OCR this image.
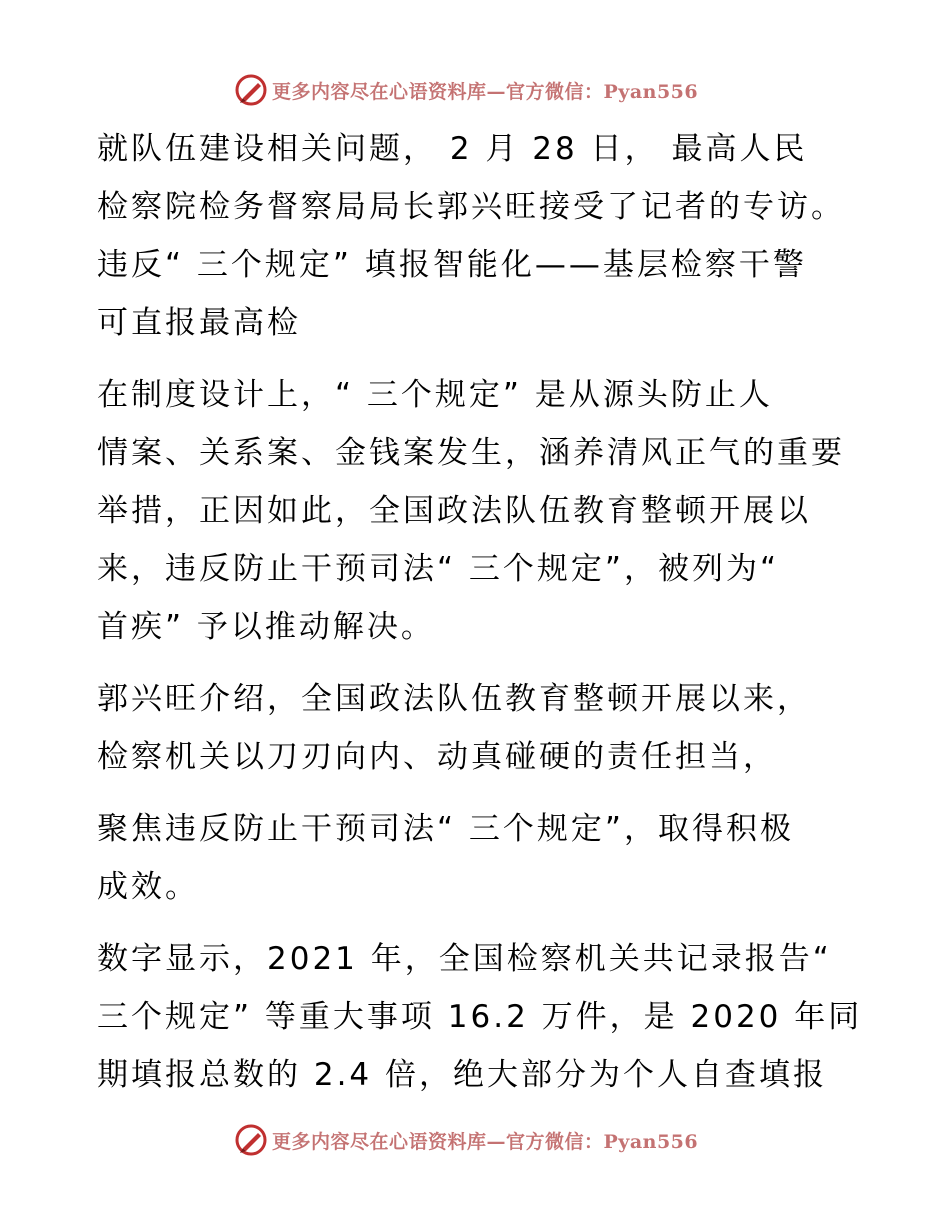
更多内容尽在心语资料库—官方微信：Pyan556
就队伍建设相关问题， 2 月 28 日， 最高人民
检察院检务督察局局长郭兴旺接受了记者的专访。
违反“ 三个规定” 填报智能化——基层检察干警
可直报最高检
在制度设计上，“ 三个规定” 是从源头防止人
情案、关系案、金钱案发生，涵养清风正气的重要
举措，正因如此，全国政法队伍教育整顿开展以
来，违反防止干预司法“ 三个规定”，被列为“
首疾” 予以推动解决。
郭兴旺介绍，全国政法队伍教育整顿开展以来，
检察机关以刀刃向内、动真碰硬的责任担当，
聚焦违反防止干预司法“ 三个规定”，取得积极
成效。
数字显示，2021 年，全国检察机关共记录报告“
三个规定” 等重大事项 16.2 万件，是 2020 年同
期填报总数的 2.4 倍，绝大部分为个人自查填报
更多内容尽在心语资料库—官方微信：Pyan556
